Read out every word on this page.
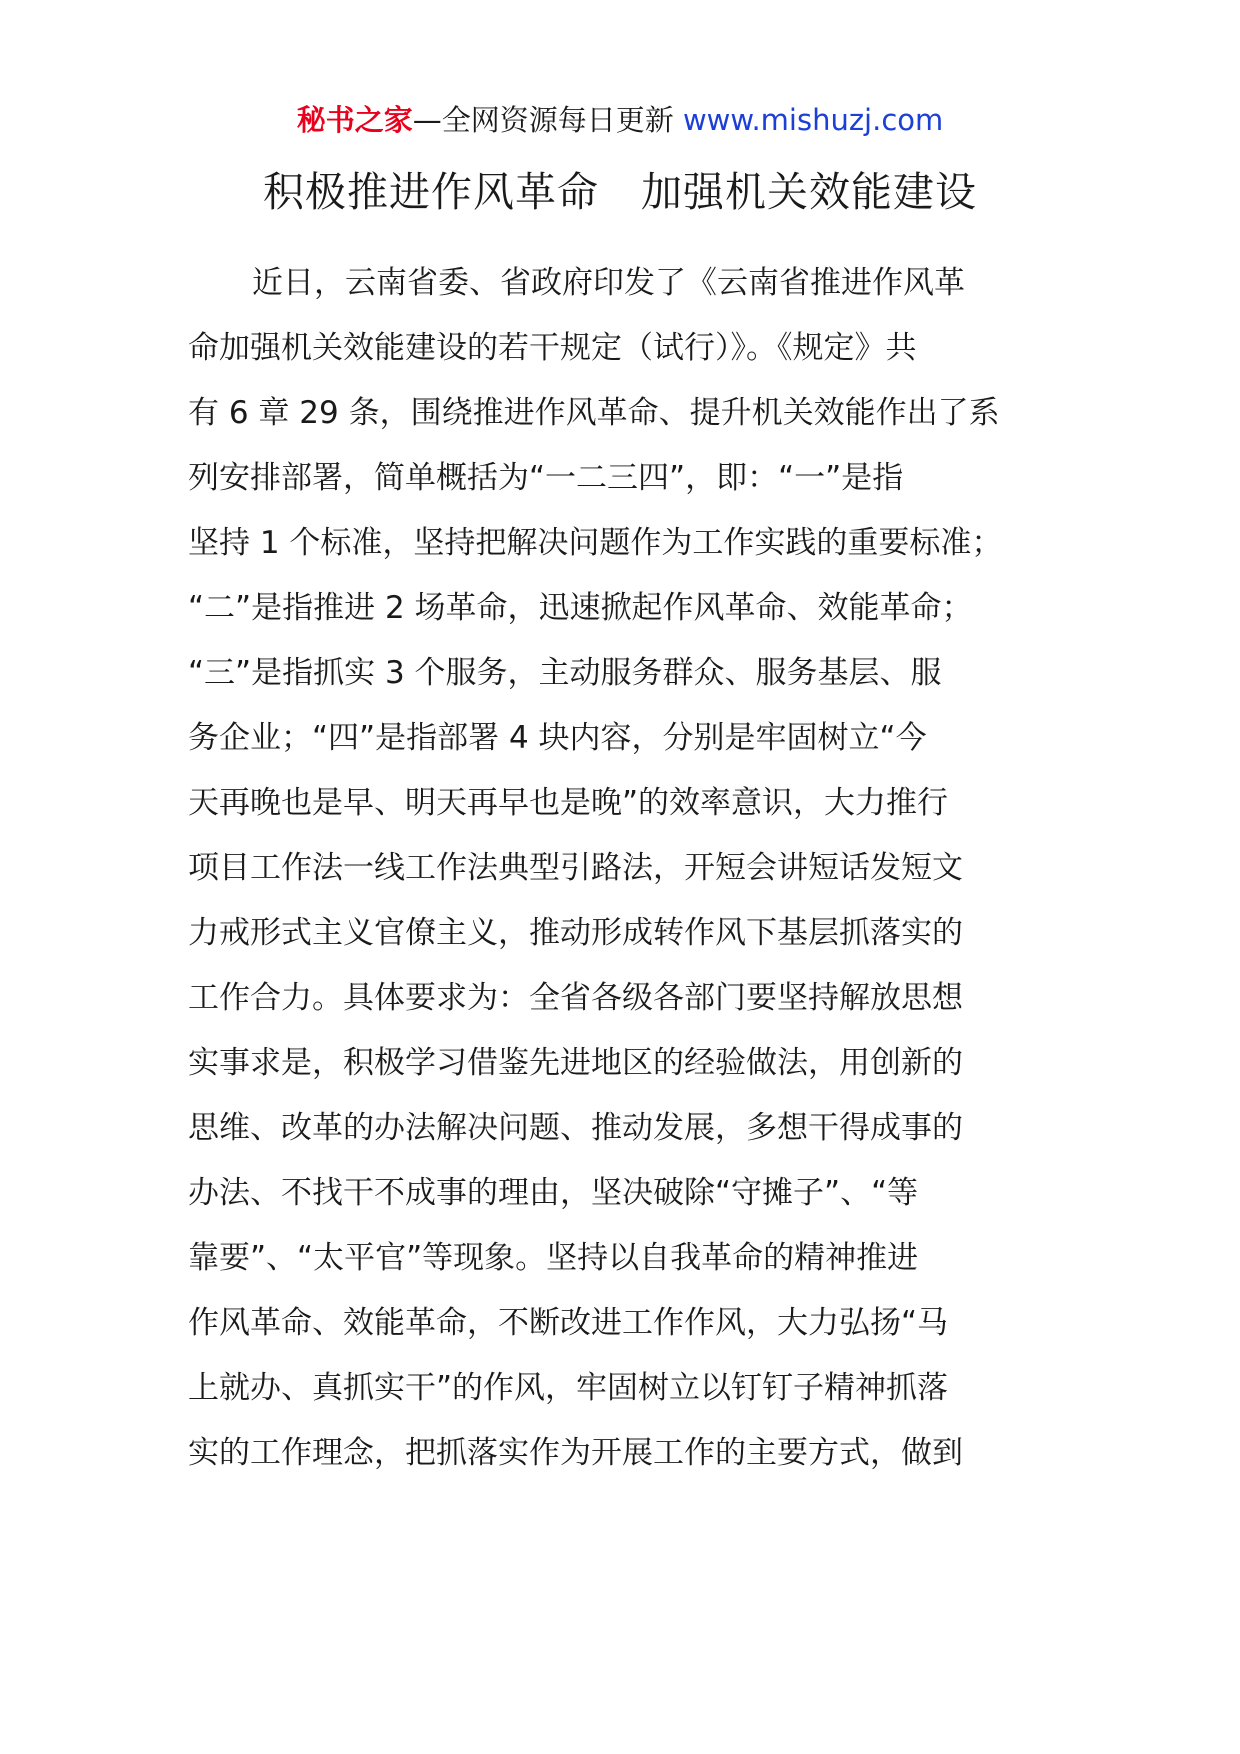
秘书之家—全网资源每日更新 www.mishuzj.com
积极推进作风革命　加强机关效能建设
近日，云南省委、省政府印发了《云南省推进作风革
命加强机关效能建设的若干规定（试行）》。《规定》共
有 6 章 29 条，围绕推进作风革命、提升机关效能作出了系
列安排部署，简单概括为“一二三四”，即：“一”是指
坚持 1 个标准，坚持把解决问题作为工作实践的重要标准；
“二”是指推进 2 场革命，迅速掀起作风革命、效能革命；
“三”是指抓实 3 个服务，主动服务群众、服务基层、服
务企业；“四”是指部署 4 块内容，分别是牢固树立“今
天再晚也是早、明天再早也是晚”的效率意识，大力推行
项目工作法一线工作法典型引路法，开短会讲短话发短文
力戒形式主义官僚主义，推动形成转作风下基层抓落实的
工作合力。具体要求为：全省各级各部门要坚持解放思想
实事求是，积极学习借鉴先进地区的经验做法，用创新的
思维、改革的办法解决问题、推动发展，多想干得成事的
办法、不找干不成事的理由，坚决破除“守摊子”、“等
靠要”、“太平官”等现象。坚持以自我革命的精神推进
作风革命、效能革命，不断改进工作作风，大力弘扬“马
上就办、真抓实干”的作风，牢固树立以钉钉子精神抓落
实的工作理念，把抓落实作为开展工作的主要方式，做到
